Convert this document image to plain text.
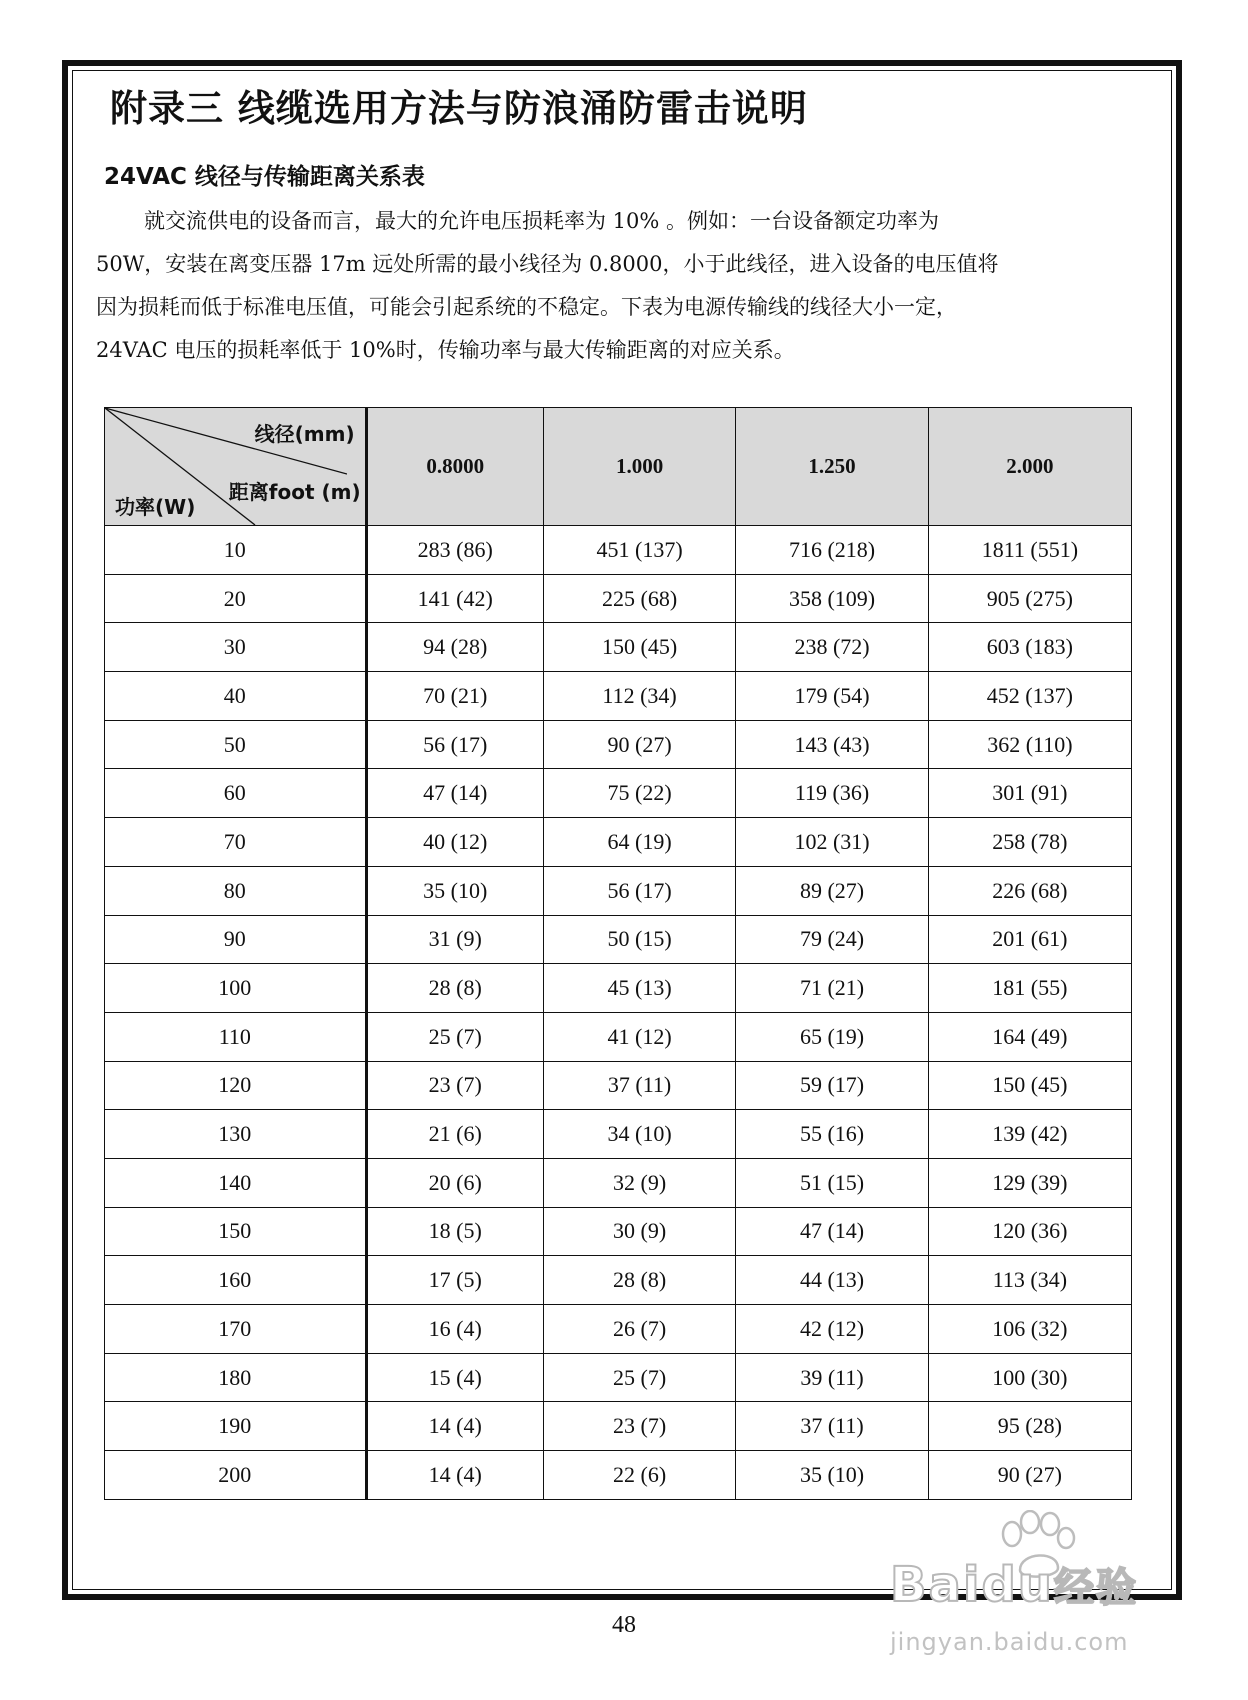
附录三 线缆选用方法与防浪涌防雷击说明
24VAC 线径与传输距离关系表

就交流供电的设备而言，最大的允许电压损耗率为 10% 。例如：一台设备额定功率为
50W，安装在离变压器 17m 远处所需的最小线径为 0.8000，小于此线径，进入设备的电压值将
因为损耗而低于标准电压值，可能会引起系统的不稳定。下表为电源传输线的线径大小一定，
24VAC 电压的损耗率低于 10%时，传输功率与最大传输距离的对应关系。

线径(mm)
距离foot (m)
功率(W)	0.8000	1.000	1.250	2.000
10	283 (86)	451 (137)	716 (218)	1811 (551)
20	141 (42)	225 (68)	358 (109)	905 (275)
30	94 (28)	150 (45)	238 (72)	603 (183)
40	70 (21)	112 (34)	179 (54)	452 (137)
50	56 (17)	90 (27)	143 (43)	362 (110)
60	47 (14)	75 (22)	119 (36)	301 (91)
70	40 (12)	64 (19)	102 (31)	258 (78)
80	35 (10)	56 (17)	89 (27)	226 (68)
90	31 (9)	50 (15)	79 (24)	201 (61)
100	28 (8)	45 (13)	71 (21)	181 (55)
110	25 (7)	41 (12)	65 (19)	164 (49)
120	23 (7)	37 (11)	59 (17)	150 (45)
130	21 (6)	34 (10)	55 (16)	139 (42)
140	20 (6)	32 (9)	51 (15)	129 (39)
150	18 (5)	30 (9)	47 (14)	120 (36)
160	17 (5)	28 (8)	44 (13)	113 (34)
170	16 (4)	26 (7)	42 (12)	106 (32)
180	15 (4)	25 (7)	39 (11)	100 (30)
190	14 (4)	23 (7)	37 (11)	95 (28)
200	14 (4)	22 (6)	35 (10)	90 (27)
48
Baidu经验
jingyan.baidu.com
